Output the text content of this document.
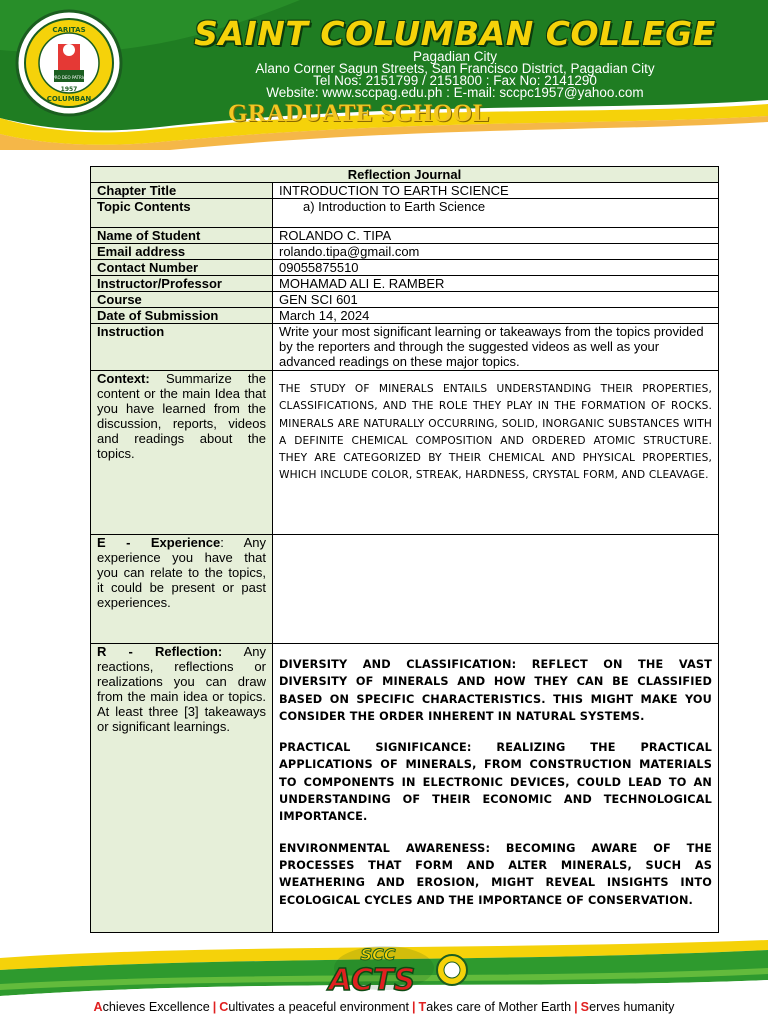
CARITAS
COLUMBAN
1957
PRO DEO PATRIA
SAINT COLUMBAN COLLEGE
Pagadian City
Alano Corner Sagun Streets, San Francisco District, Pagadian City
Tel Nos: 2151799 / 2151800 : Fax No: 2141290
Website: www.sccpag.edu.ph : E-mail: sccpc1957@yahoo.com
GRADUATE SCHOOL
Reflection Journal	
Chapter Title	INTRODUCTION TO EARTH SCIENCE
Topic Contents	a) Introduction to Earth Science

Name of Student	ROLANDO C. TIPA
Email address	rolando.tipa@gmail.com
Contact Number	09055875510
Instructor/Professor	MOHAMAD ALI E. RAMBER
Course	GEN SCI 601
Date of Submission	March 14, 2024
Instruction	Write your most significant learning or takeaways from the topics provided by the reporters and through the suggested videos as well as your advanced readings on these major topics.
Context: Summarize the content or the main Idea that you have learned from the discussion, reports, videos and readings about the topics.	THE STUDY OF MINERALS ENTAILS UNDERSTANDING THEIR PROPERTIES, CLASSIFICATIONS, AND THE ROLE THEY PLAY IN THE FORMATION OF ROCKS. MINERALS ARE NATURALLY OCCURRING, SOLID, INORGANIC SUBSTANCES WITH A DEFINITE CHEMICAL COMPOSITION AND ORDERED ATOMIC STRUCTURE. THEY ARE CATEGORIZED BY THEIR CHEMICAL AND PHYSICAL PROPERTIES, WHICH INCLUDE COLOR, STREAK, HARDNESS, CRYSTAL FORM, AND CLEAVAGE.

E - Experience: Any experience you have that you can relate to the topics, it could be present or past experiences.	
R - Reflection: Any reactions, reflections or realizations you can draw from the main idea or topics. At least three [3] takeaways or significant learnings.	DIVERSITY AND CLASSIFICATION: REFLECT ON THE VAST DIVERSITY OF MINERALS AND HOW THEY CAN BE CLASSIFIED BASED ON SPECIFIC CHARACTERISTICS. THIS MIGHT MAKE YOU CONSIDER THE ORDER INHERENT IN NATURAL SYSTEMS.

PRACTICAL SIGNIFICANCE: REALIZING THE PRACTICAL APPLICATIONS OF MINERALS, FROM CONSTRUCTION MATERIALS TO COMPONENTS IN ELECTRONIC DEVICES, COULD LEAD TO AN UNDERSTANDING OF THEIR ECONOMIC AND TECHNOLOGICAL IMPORTANCE.

ENVIRONMENTAL AWARENESS: BECOMING AWARE OF THE PROCESSES THAT FORM AND ALTER MINERALS, SUCH AS WEATHERING AND EROSION, MIGHT REVEAL INSIGHTS INTO ECOLOGICAL CYCLES AND THE IMPORTANCE OF CONSERVATION.

SCC
ACTS
Achieves Excellence | Cultivates a peaceful environment | Takes care of Mother Earth | Serves humanity
